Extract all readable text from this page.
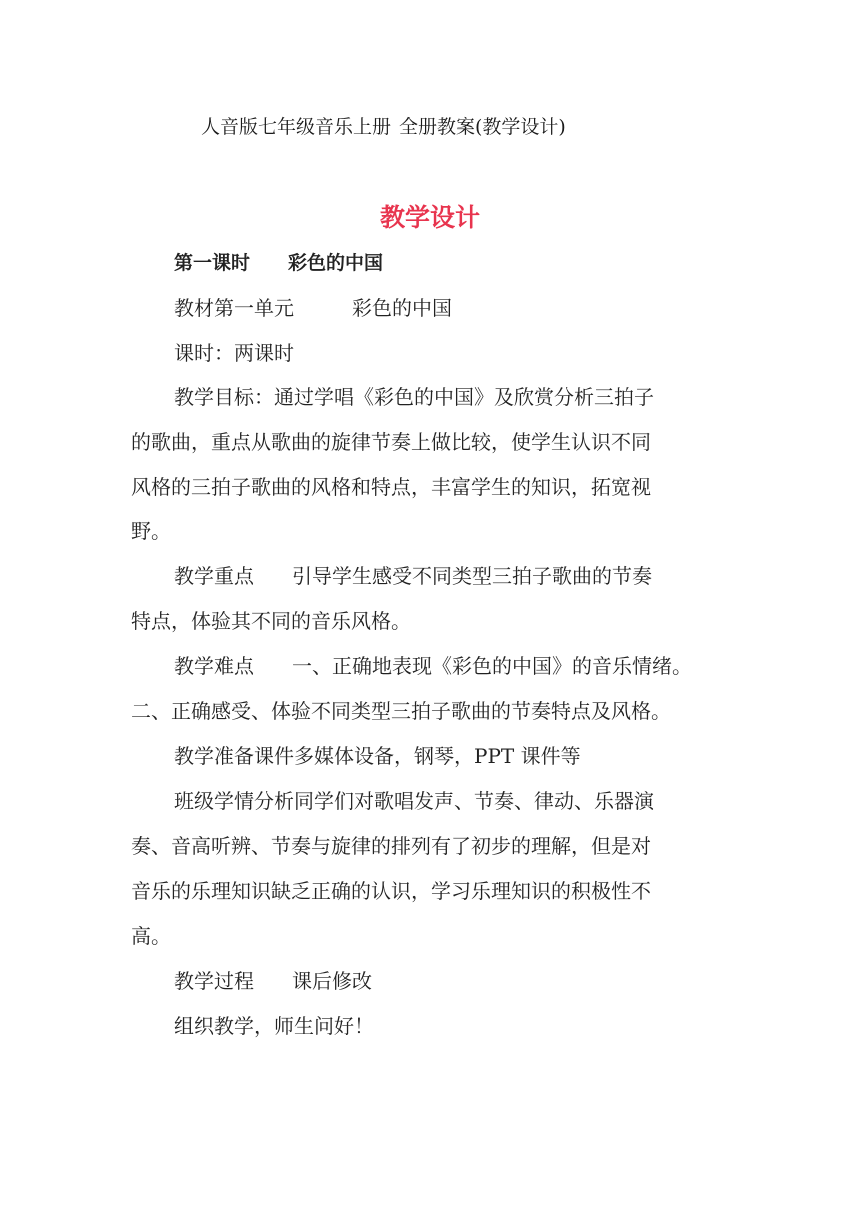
人音版七年级音乐上册 全册教案(教学设计)
教学设计
第一课时 彩色的中国
教材第一单元	彩色的中国
课时：两课时
教学目标：通过学唱《彩色的中国》及欣赏分析三拍子
的歌曲，重点从歌曲的旋律节奏上做比较，使学生认识不同
风格的三拍子歌曲的风格和特点，丰富学生的知识，拓宽视
野。
教学重点 引导学生感受不同类型三拍子歌曲的节奏
特点，体验其不同的音乐风格。
教学难点 一、正确地表现《彩色的中国》的音乐情绪。
二、正确感受、体验不同类型三拍子歌曲的节奏特点及风格。
教学准备课件多媒体设备，钢琴，PPT 课件等
班级学情分析同学们对歌唱发声、节奏、律动、乐器演
奏、音高听辨、节奏与旋律的排列有了初步的理解，但是对
音乐的乐理知识缺乏正确的认识，学习乐理知识的积极性不
高。
教学过程 课后修改
组织教学，师生问好！
